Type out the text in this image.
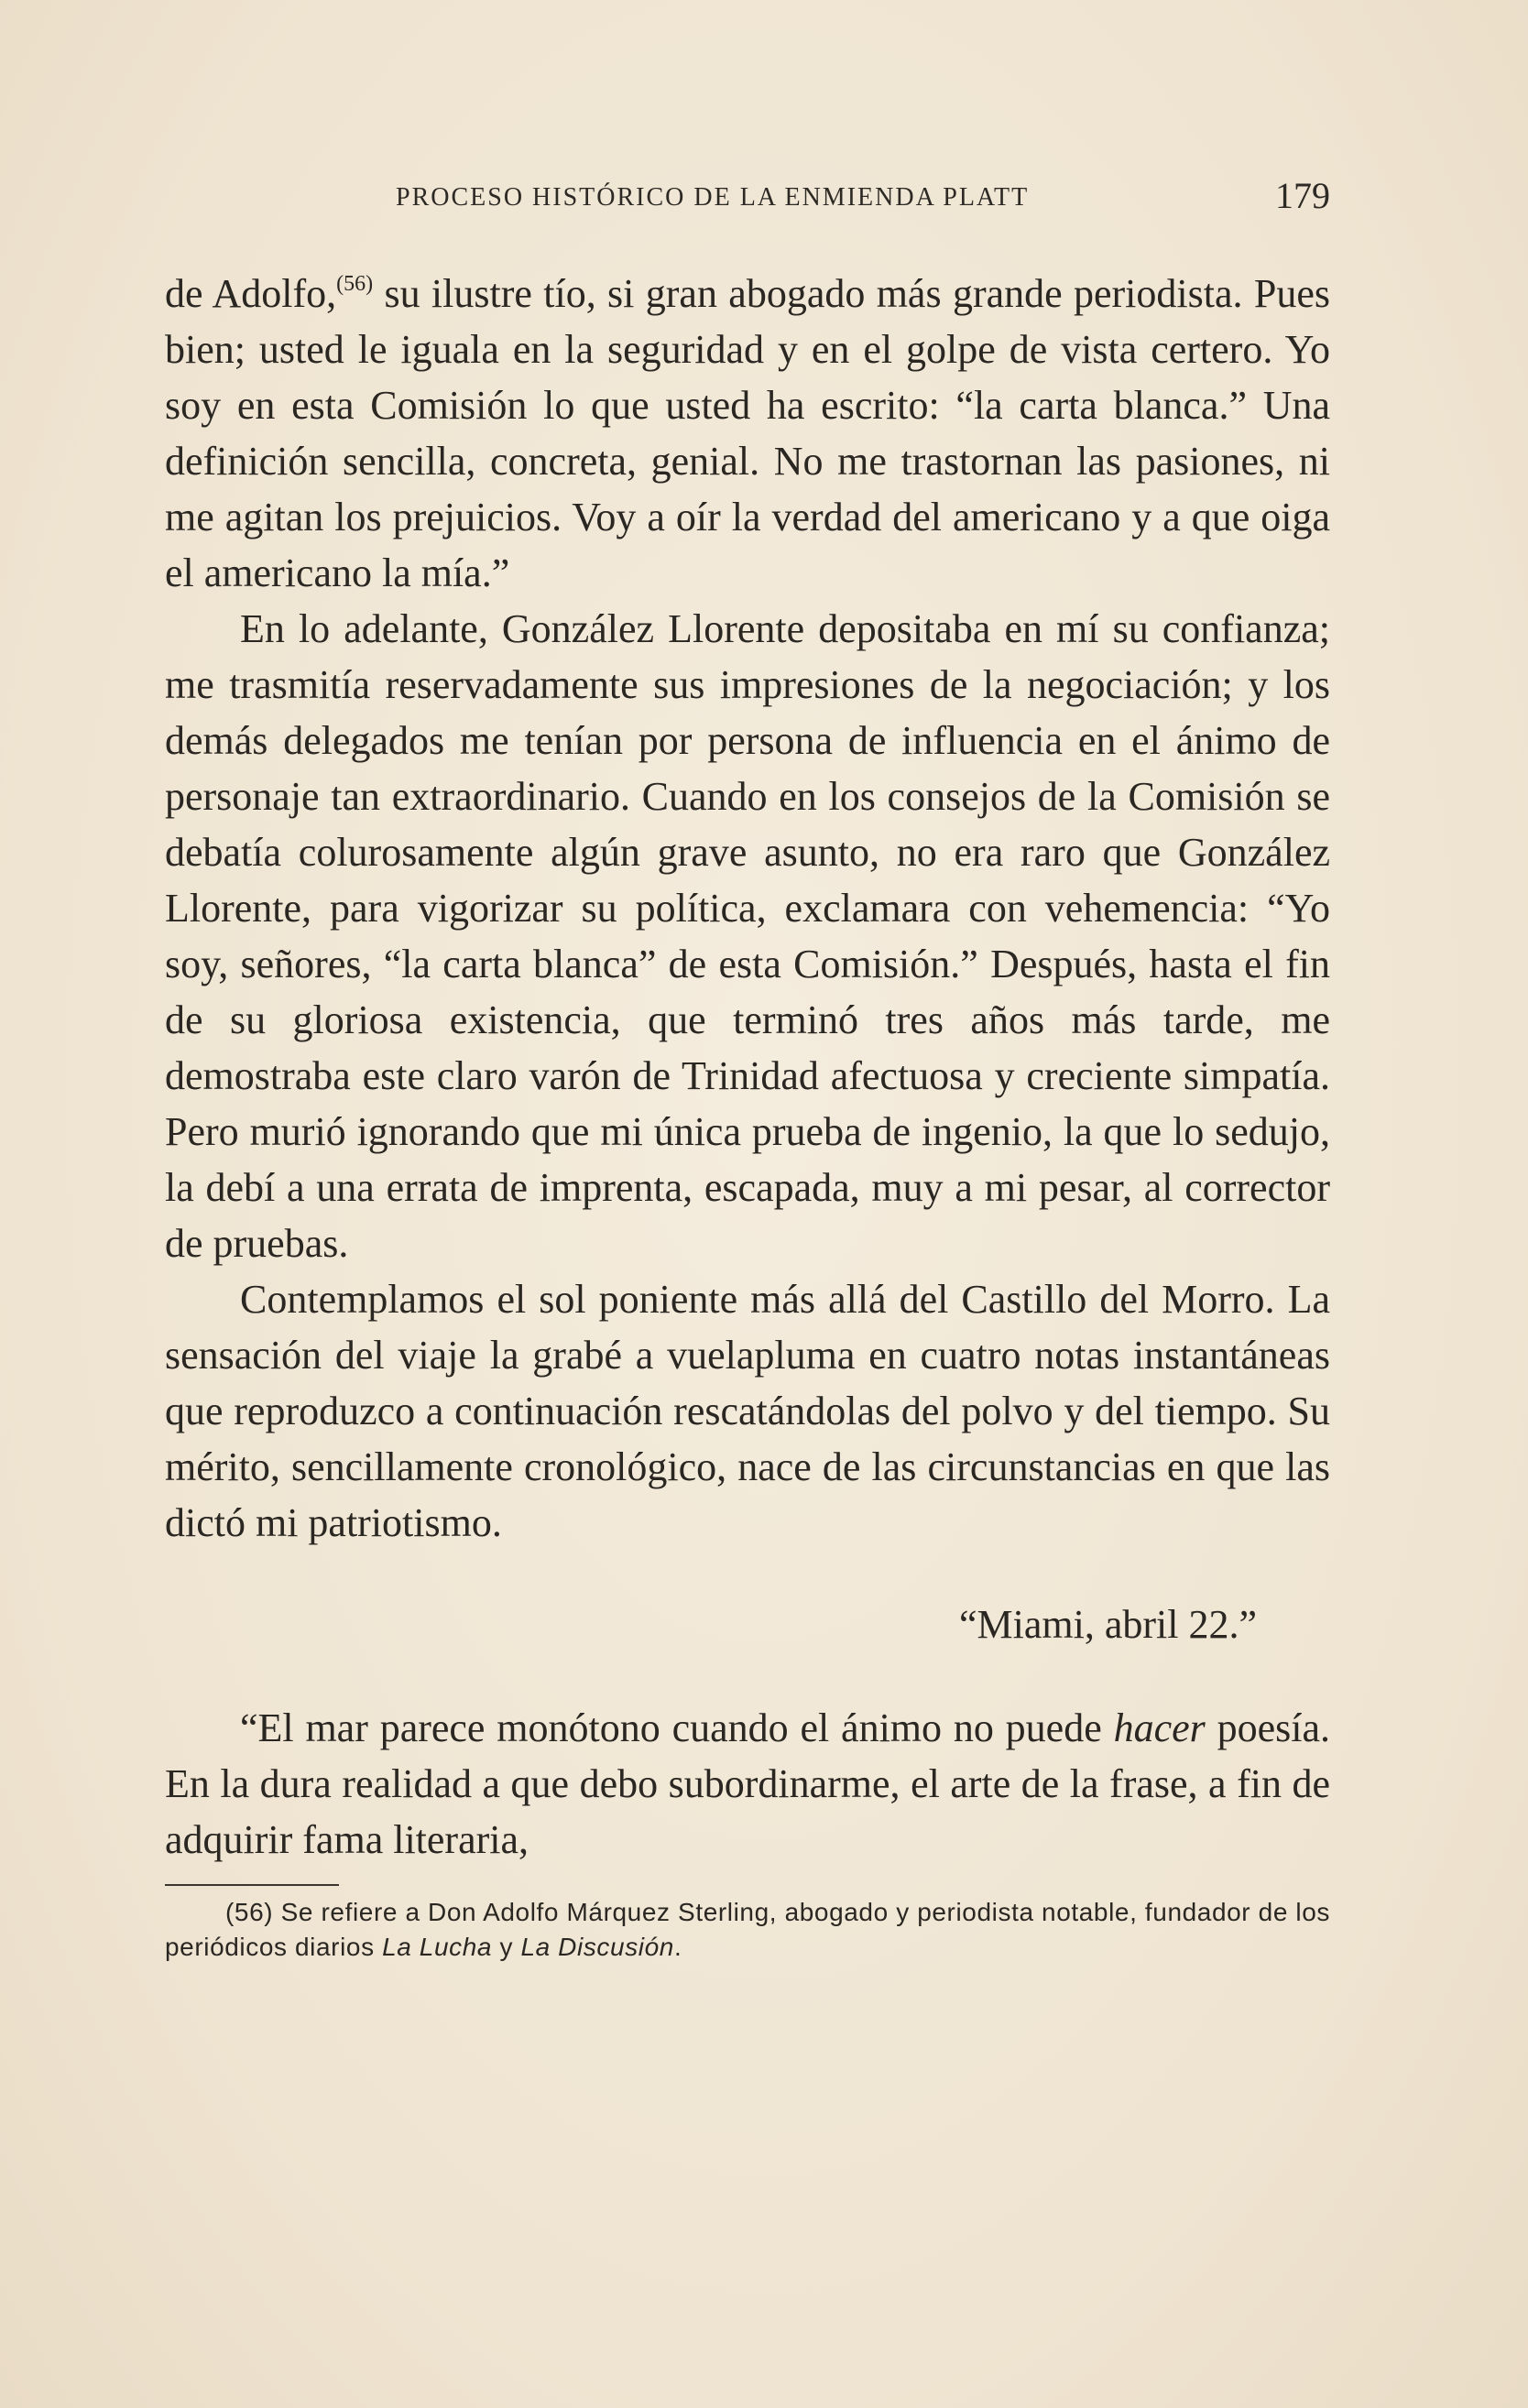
PROCESO HISTÓRICO DE LA ENMIENDA PLATT	179

de Adolfo,$^{(56)}$ su ilustre tío, si gran abogado más grande periodista. Pues bien; usted le iguala en la seguridad y en el golpe de vista certero. Yo soy en esta Comisión lo que usted ha escrito: “la carta blanca.” Una definición sencilla, concreta, genial. No me trastornan las pasiones, ni me agitan los prejuicios. Voy a oír la verdad del americano y a que oiga el americano la mía.”

En lo adelante, González Llorente depositaba en mí su confianza; me trasmitía reservadamente sus impresiones de la negociación; y los demás delegados me tenían por persona de influencia en el ánimo de personaje tan extraordinario. Cuando en los consejos de la Comisión se debatía colurosamente algún grave asunto, no era raro que González Llorente, para vigorizar su política, exclamara con vehemencia: “Yo soy, señores, “la carta blanca” de esta Comisión.” Después, hasta el fin de su gloriosa existencia, que terminó tres años más tarde, me demostraba este claro varón de Trinidad afectuosa y creciente simpatía. Pero murió ignorando que mi única prueba de ingenio, la que lo sedujo, la debí a una errata de imprenta, escapada, muy a mi pesar, al corrector de pruebas.

Contemplamos el sol poniente más allá del Castillo del Morro. La sensación del viaje la grabé a vuelapluma en cuatro notas instantáneas que reproduzco a continuación rescatándolas del polvo y del tiempo. Su mérito, sencillamente cronológico, nace de las circunstancias en que las dictó mi patriotismo.

“Miami, abril 22.”

“El mar parece monótono cuando el ánimo no puede hacer poesía. En la dura realidad a que debo subordinarme, el arte de la frase, a fin de adquirir fama literaria,

(56) Se refiere a Don Adolfo Márquez Sterling, abogado y periodista notable, fundador de los periódicos diarios La Lucha y La Discusión.
